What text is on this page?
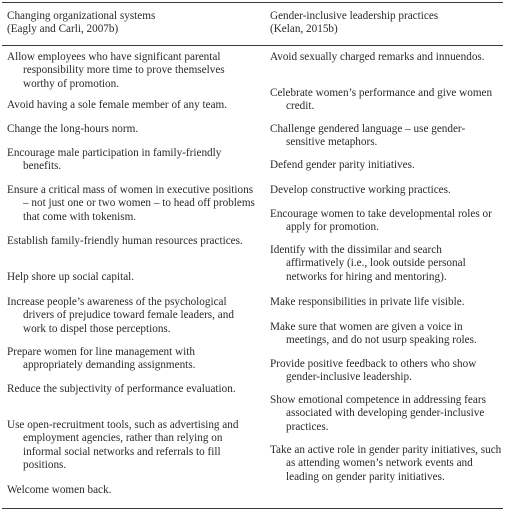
Changing organizational systems
(Eagly and Carli, 2007b)
Allow employees who have significant parental responsibility more time to prove themselves worthy of promotion.
Avoid having a sole female member of any team.
Change the long-hours norm.
Encourage male participation in family-friendly benefits.
Ensure a critical mass of women in executive positions – not just one or two women – to head off problems that come with tokenism.
Establish family-friendly human resources practices.
Help shore up social capital.
Increase people’s awareness of the psychological drivers of prejudice toward female leaders, and work to dispel those perceptions.
Prepare women for line management with appropriately demanding assignments.
Reduce the subjectivity of performance evaluation.
Use open-recruitment tools, such as advertising and employment agencies, rather than relying on informal social networks and referrals to fill positions.
Welcome women back.
Gender-inclusive leadership practices
(Kelan, 2015b)
Avoid sexually charged remarks and innuendos.
Celebrate women’s performance and give women credit.
Challenge gendered language – use gender-sensitive metaphors.
Defend gender parity initiatives.
Develop constructive working practices.
Encourage women to take developmental roles or apply for promotion.
Identify with the dissimilar and search affirmatively (i.e., look outside personal networks for hiring and mentoring).
Make responsibilities in private life visible.
Make sure that women are given a voice in meetings, and do not usurp speaking roles.
Provide positive feedback to others who show gender-inclusive leadership.
Show emotional competence in addressing fears associated with developing gender-inclusive practices.
Take an active role in gender parity initiatives, such as attending women’s network events and leading on gender parity initiatives.
